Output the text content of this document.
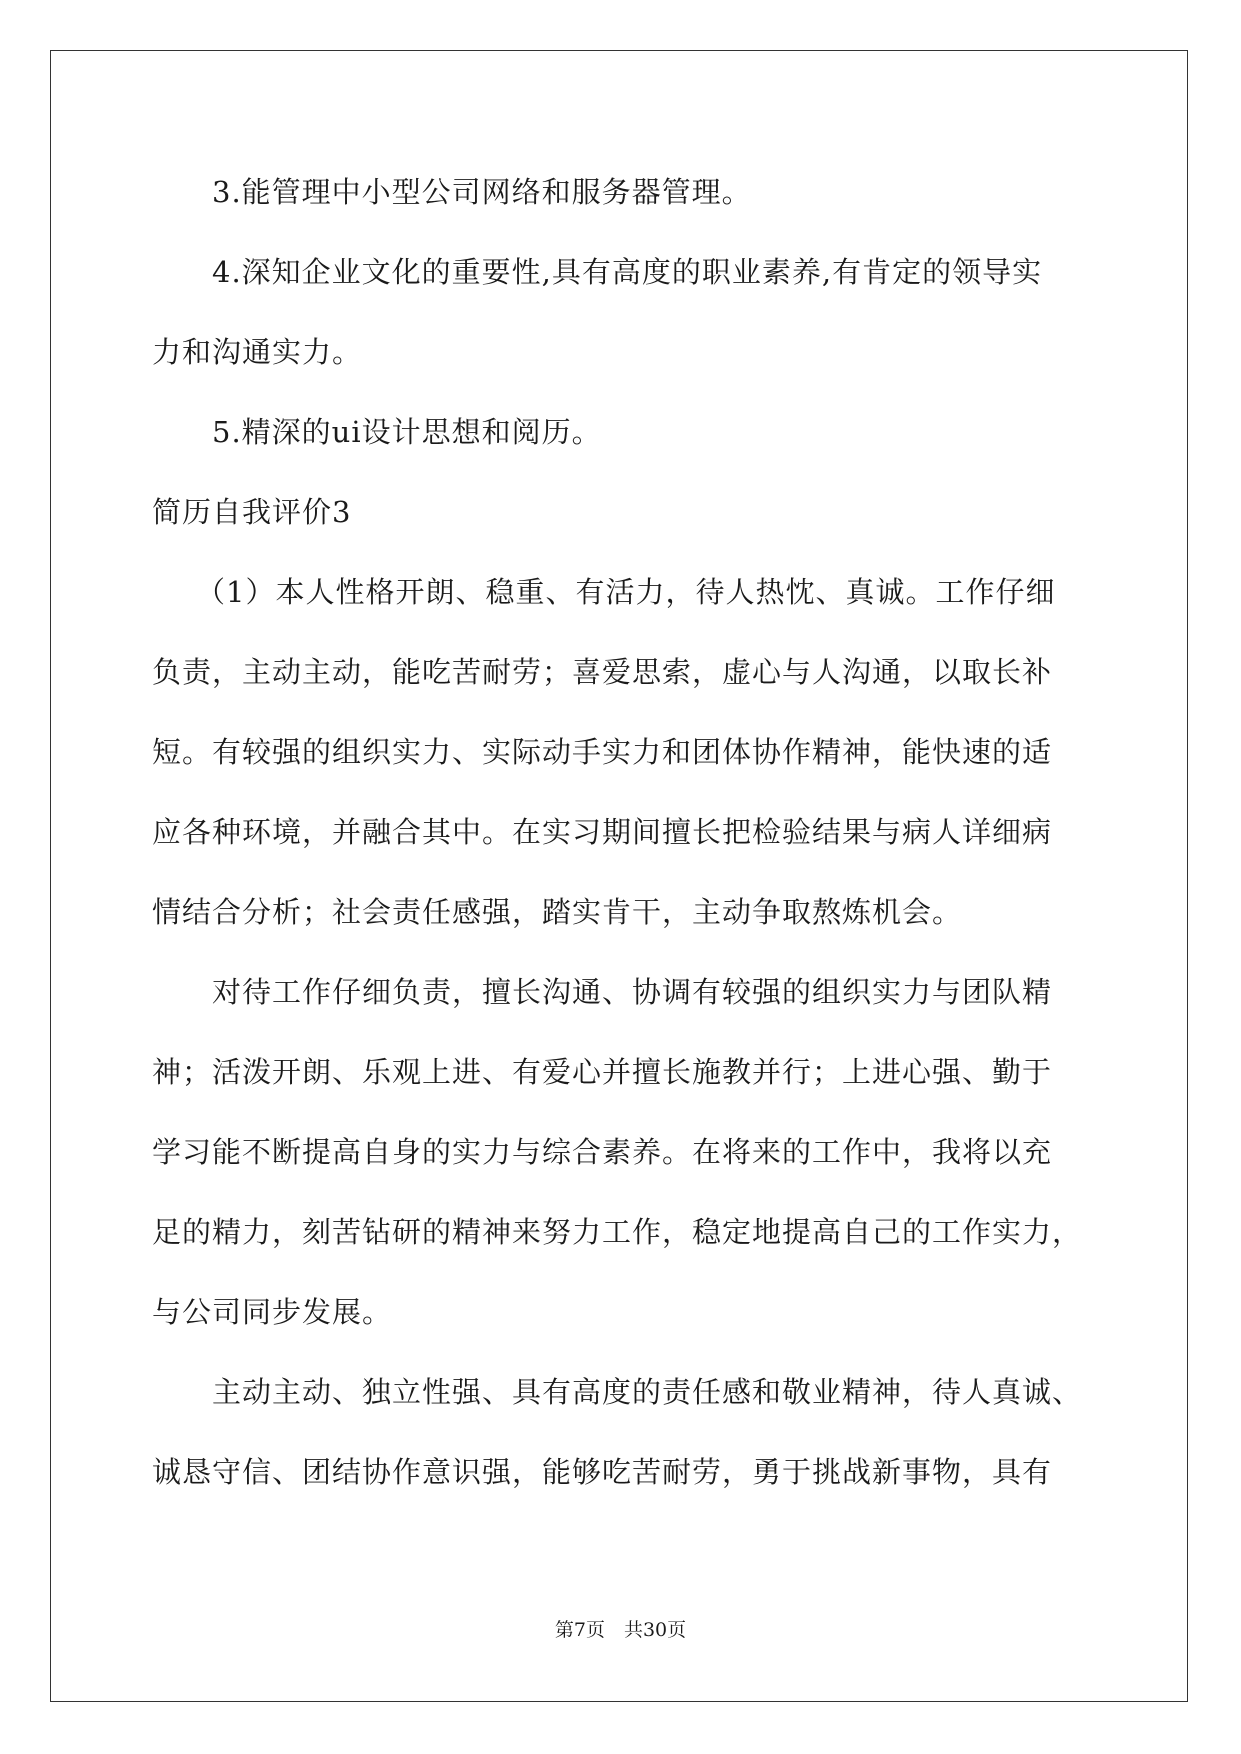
3.能管理中小型公司网络和服务器管理。
4.深知企业文化的重要性,具有高度的职业素养,有肯定的领导实
力和沟通实力。
5.精深的ui设计思想和阅历。
简历自我评价3
（1）本人性格开朗、稳重、有活力，待人热忱、真诚。工作仔细
负责，主动主动，能吃苦耐劳；喜爱思索，虚心与人沟通，以取长补
短。有较强的组织实力、实际动手实力和团体协作精神，能快速的适
应各种环境，并融合其中。在实习期间擅长把检验结果与病人详细病
情结合分析；社会责任感强，踏实肯干，主动争取熬炼机会。
对待工作仔细负责，擅长沟通、协调有较强的组织实力与团队精
神；活泼开朗、乐观上进、有爱心并擅长施教并行；上进心强、勤于
学习能不断提高自身的实力与综合素养。在将来的工作中，我将以充
足的精力，刻苦钻研的精神来努力工作，稳定地提高自己的工作实力，
与公司同步发展。
主动主动、独立性强、具有高度的责任感和敬业精神，待人真诚、
诚恳守信、团结协作意识强，能够吃苦耐劳，勇于挑战新事物，具有
第7页　共30页
